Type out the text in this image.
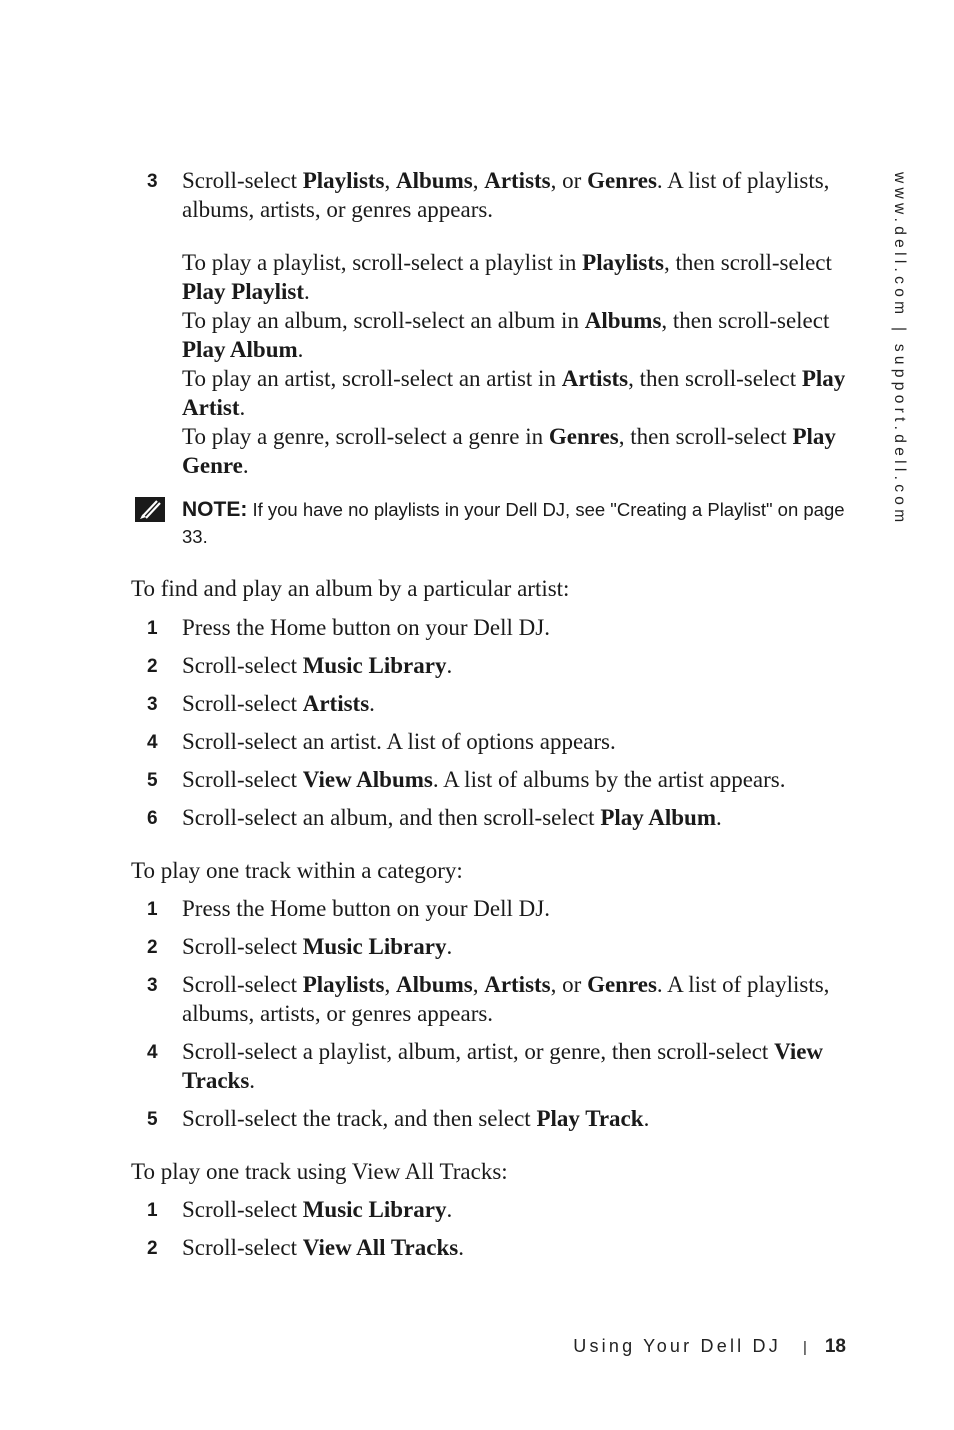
www.dell.com | support.dell.com
3 Scroll-select Playlists, Albums, Artists, or Genres. A list of playlists, albums, artists, or genres appears.
To play a playlist, scroll-select a playlist in Playlists, then scroll-select Play Playlist.
To play an album, scroll-select an album in Albums, then scroll-select Play Album.
To play an artist, scroll-select an artist in Artists, then scroll-select Play Artist.
To play a genre, scroll-select a genre in Genres, then scroll-select Play Genre.
NOTE: If you have no playlists in your Dell DJ, see "Creating a Playlist" on page 33.
To find and play an album by a particular artist:
1 Press the Home button on your Dell DJ.
2 Scroll-select Music Library.
3 Scroll-select Artists.
4 Scroll-select an artist. A list of options appears.
5 Scroll-select View Albums. A list of albums by the artist appears.
6 Scroll-select an album, and then scroll-select Play Album.
To play one track within a category:
1 Press the Home button on your Dell DJ.
2 Scroll-select Music Library.
3 Scroll-select Playlists, Albums, Artists, or Genres. A list of playlists, albums, artists, or genres appears.
4 Scroll-select a playlist, album, artist, or genre, then scroll-select View Tracks.
5 Scroll-select the track, and then select Play Track.
To play one track using View All Tracks:
1 Scroll-select Music Library.
2 Scroll-select View All Tracks.
Using Your Dell DJ | 18
